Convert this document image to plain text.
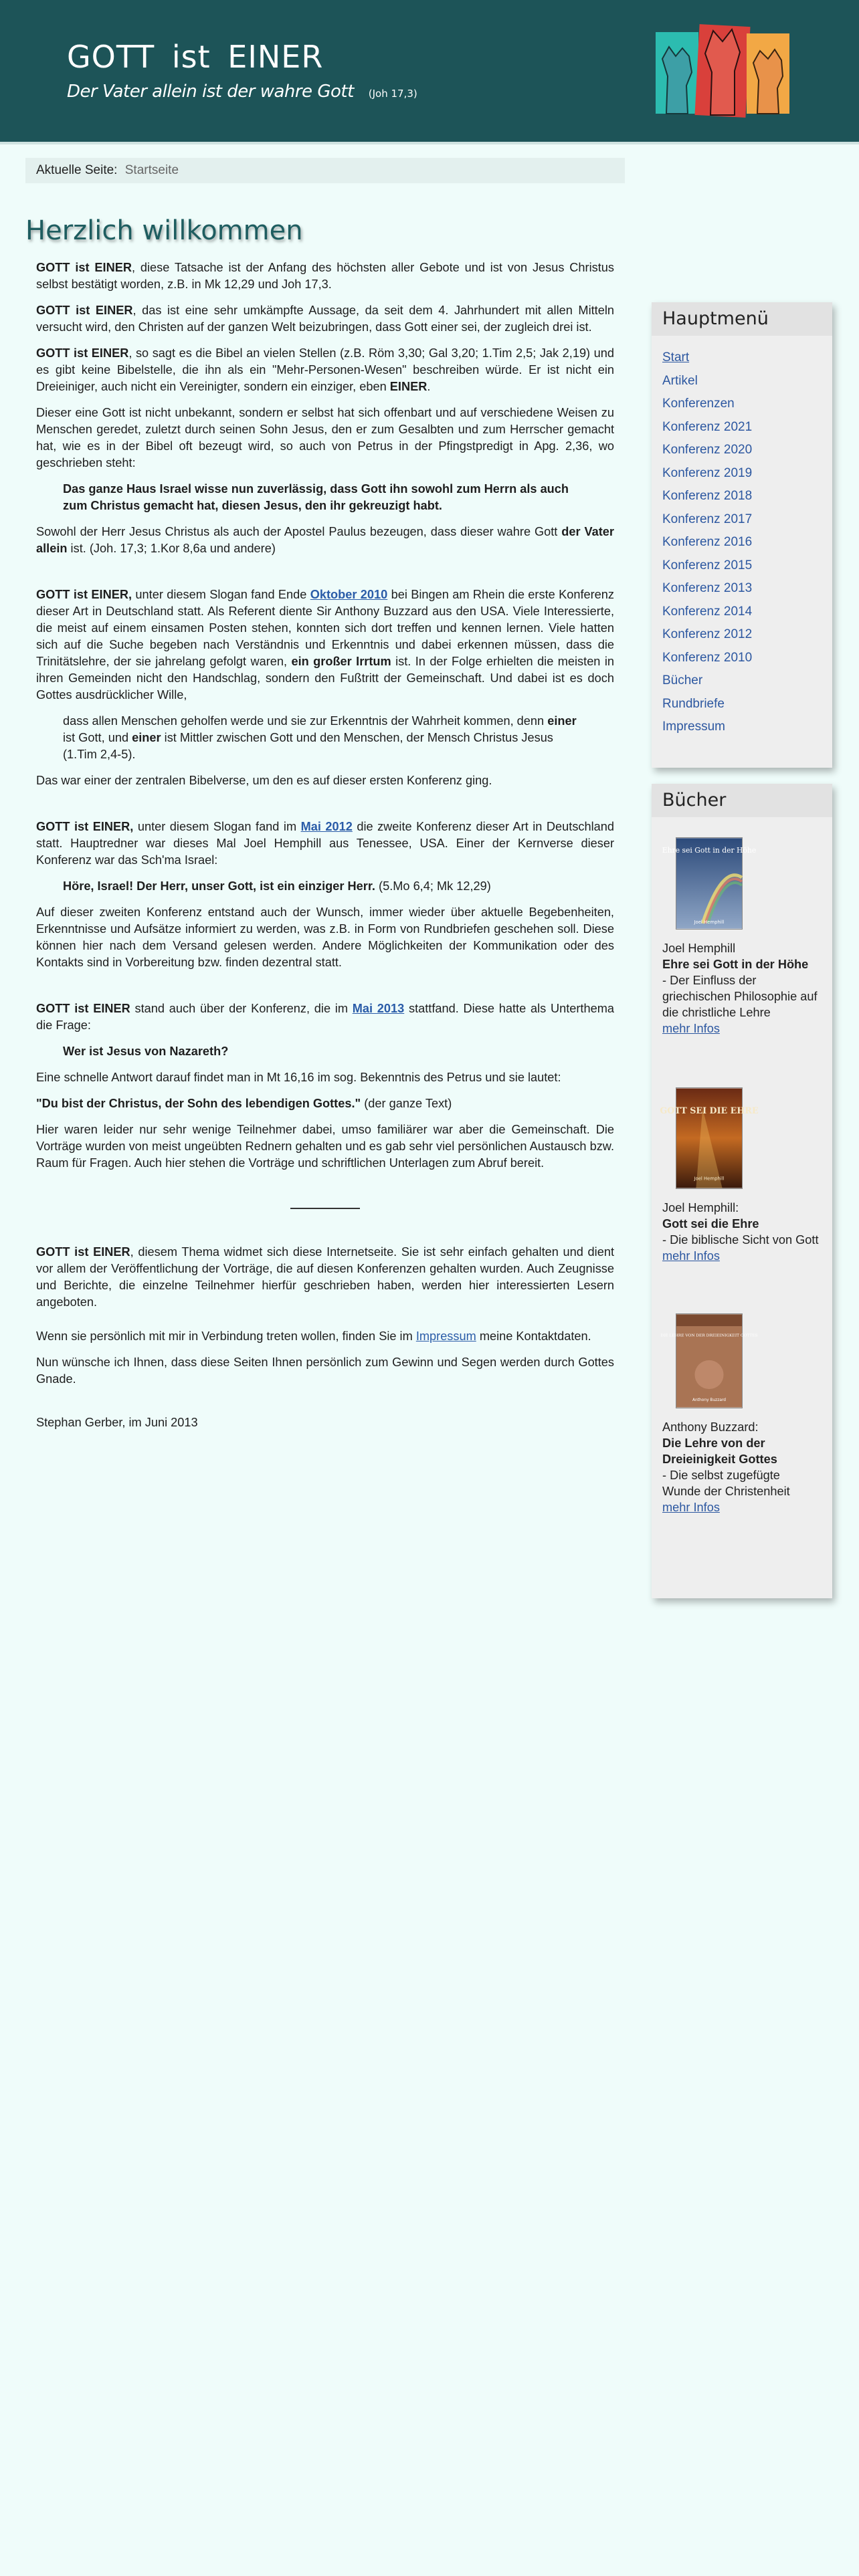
GOTT ist EINER

Der Vater allein ist der wahre Gott (Joh 17,3)

Aktuelle Seite: Startseite
Herzlich willkommen

GOTT ist EINER, diese Tatsache ist der Anfang des höchsten aller Gebote und ist von Jesus Christus selbst bestätigt worden, z.B. in Mk 12,29 und Joh 17,3.

GOTT ist EINER, das ist eine sehr umkämpfte Aussage, da seit dem 4. Jahrhundert mit allen Mitteln versucht wird, den Christen auf der ganzen Welt beizubringen, dass Gott einer sei, der zugleich drei ist.

GOTT ist EINER, so sagt es die Bibel an vielen Stellen (z.B. Röm 3,30; Gal 3,20; 1.Tim 2,5; Jak 2,19) und es gibt keine Bibelstelle, die ihn als ein "Mehr-Personen-Wesen" beschreiben würde. Er ist nicht ein Dreieiniger, auch nicht ein Vereinigter, sondern ein einziger, eben EINER.

Dieser eine Gott ist nicht unbekannt, sondern er selbst hat sich offenbart und auf verschiedene Weisen zu Menschen geredet, zuletzt durch seinen Sohn Jesus, den er zum Gesalbten und zum Herrscher gemacht hat, wie es in der Bibel oft bezeugt wird, so auch von Petrus in der Pfingstpredigt in Apg. 2,36, wo geschrieben steht:

Das ganze Haus Israel wisse nun zuverlässig, dass Gott ihn sowohl zum Herrn als auch zum Christus gemacht hat, diesen Jesus, den ihr gekreuzigt habt.

Sowohl der Herr Jesus Christus als auch der Apostel Paulus bezeugen, dass dieser wahre Gott der Vater allein ist. (Joh. 17,3; 1.Kor 8,6a und andere)

GOTT ist EINER, unter diesem Slogan fand Ende Oktober 2010 bei Bingen am Rhein die erste Konferenz dieser Art in Deutschland statt. Als Referent diente Sir Anthony Buzzard aus den USA. Viele Interessierte, die meist auf einem einsamen Posten stehen, konnten sich dort treffen und kennen lernen. Viele hatten sich auf die Suche begeben nach Verständnis und Erkenntnis und dabei erkennen müssen, dass die Trinitätslehre, der sie jahrelang gefolgt waren, ein großer Irrtum ist. In der Folge erhielten die meisten in ihren Gemeinden nicht den Handschlag, sondern den Fußtritt der Gemeinschaft. Und dabei ist es doch Gottes ausdrücklicher Wille,

dass allen Menschen geholfen werde und sie zur Erkenntnis der Wahrheit kommen, denn einer ist Gott, und einer ist Mittler zwischen Gott und den Menschen, der Mensch Christus Jesus (1.Tim 2,4-5).

Das war einer der zentralen Bibelverse, um den es auf dieser ersten Konferenz ging.

GOTT ist EINER, unter diesem Slogan fand im Mai 2012 die zweite Konferenz dieser Art in Deutschland statt. Hauptredner war dieses Mal Joel Hemphill aus Tenessee, USA. Einer der Kernverse dieser Konferenz war das Sch'ma Israel:

Höre, Israel! Der Herr, unser Gott, ist ein einziger Herr. (5.Mo 6,4; Mk 12,29)

Auf dieser zweiten Konferenz entstand auch der Wunsch, immer wieder über aktuelle Begebenheiten, Erkenntnisse und Aufsätze informiert zu werden, was z.B. in Form von Rundbriefen geschehen soll. Diese können hier nach dem Versand gelesen werden. Andere Möglichkeiten der Kommunikation oder des Kontakts sind in Vorbereitung bzw. finden dezentral statt.

GOTT ist EINER stand auch über der Konferenz, die im Mai 2013 stattfand. Diese hatte als Unterthema die Frage:

Wer ist Jesus von Nazareth?

Eine schnelle Antwort darauf findet man in Mt 16,16 im sog. Bekenntnis des Petrus und sie lautet:

"Du bist der Christus, der Sohn des lebendigen Gottes." (der ganze Text)

Hier waren leider nur sehr wenige Teilnehmer dabei, umso familiärer war aber die Gemeinschaft. Die Vorträge wurden von meist ungeübten Rednern gehalten und es gab sehr viel persönlichen Austausch bzw. Raum für Fragen. Auch hier stehen die Vorträge und schriftlichen Unterlagen zum Abruf bereit.

GOTT ist EINER, diesem Thema widmet sich diese Internetseite. Sie ist sehr einfach gehalten und dient vor allem der Veröffentlichung der Vorträge, die auf diesen Konferenzen gehalten wurden. Auch Zeugnisse und Berichte, die einzelne Teilnehmer hierfür geschrieben haben, werden hier interessierten Lesern angeboten.

Wenn sie persönlich mit mir in Verbindung treten wollen, finden Sie im Impressum meine Kontaktdaten.

Nun wünsche ich Ihnen, dass diese Seiten Ihnen persönlich zum Gewinn und Segen werden durch Gottes Gnade.

Stephan Gerber, im Juni 2013

Hauptmenü
Start
Artikel
Konferenzen
Konferenz 2021
Konferenz 2020
Konferenz 2019
Konferenz 2018
Konferenz 2017
Konferenz 2016
Konferenz 2015
Konferenz 2013
Konferenz 2014
Konferenz 2012
Konferenz 2010
Bücher
Rundbriefe
Impressum
Bücher
Ehre sei Gott in der Höhe
Joel Hemphill
Joel Hemphill
Ehre sei Gott in der Höhe
- Der Einfluss der griechischen Philosophie auf die christliche Lehre
mehr Infos
GOTT SEI DIE EHRE
Joel Hemphill
Joel Hemphill:
Gott sei die Ehre
- Die biblische Sicht von Gott
mehr Infos
DIE LEHRE VON DER DREIEINIGKEIT GOTTES
Anthony Buzzard
Anthony Buzzard:
Die Lehre von der Dreieinigkeit Gottes
- Die selbst zugefügte Wunde der Christenheit
mehr Infos
